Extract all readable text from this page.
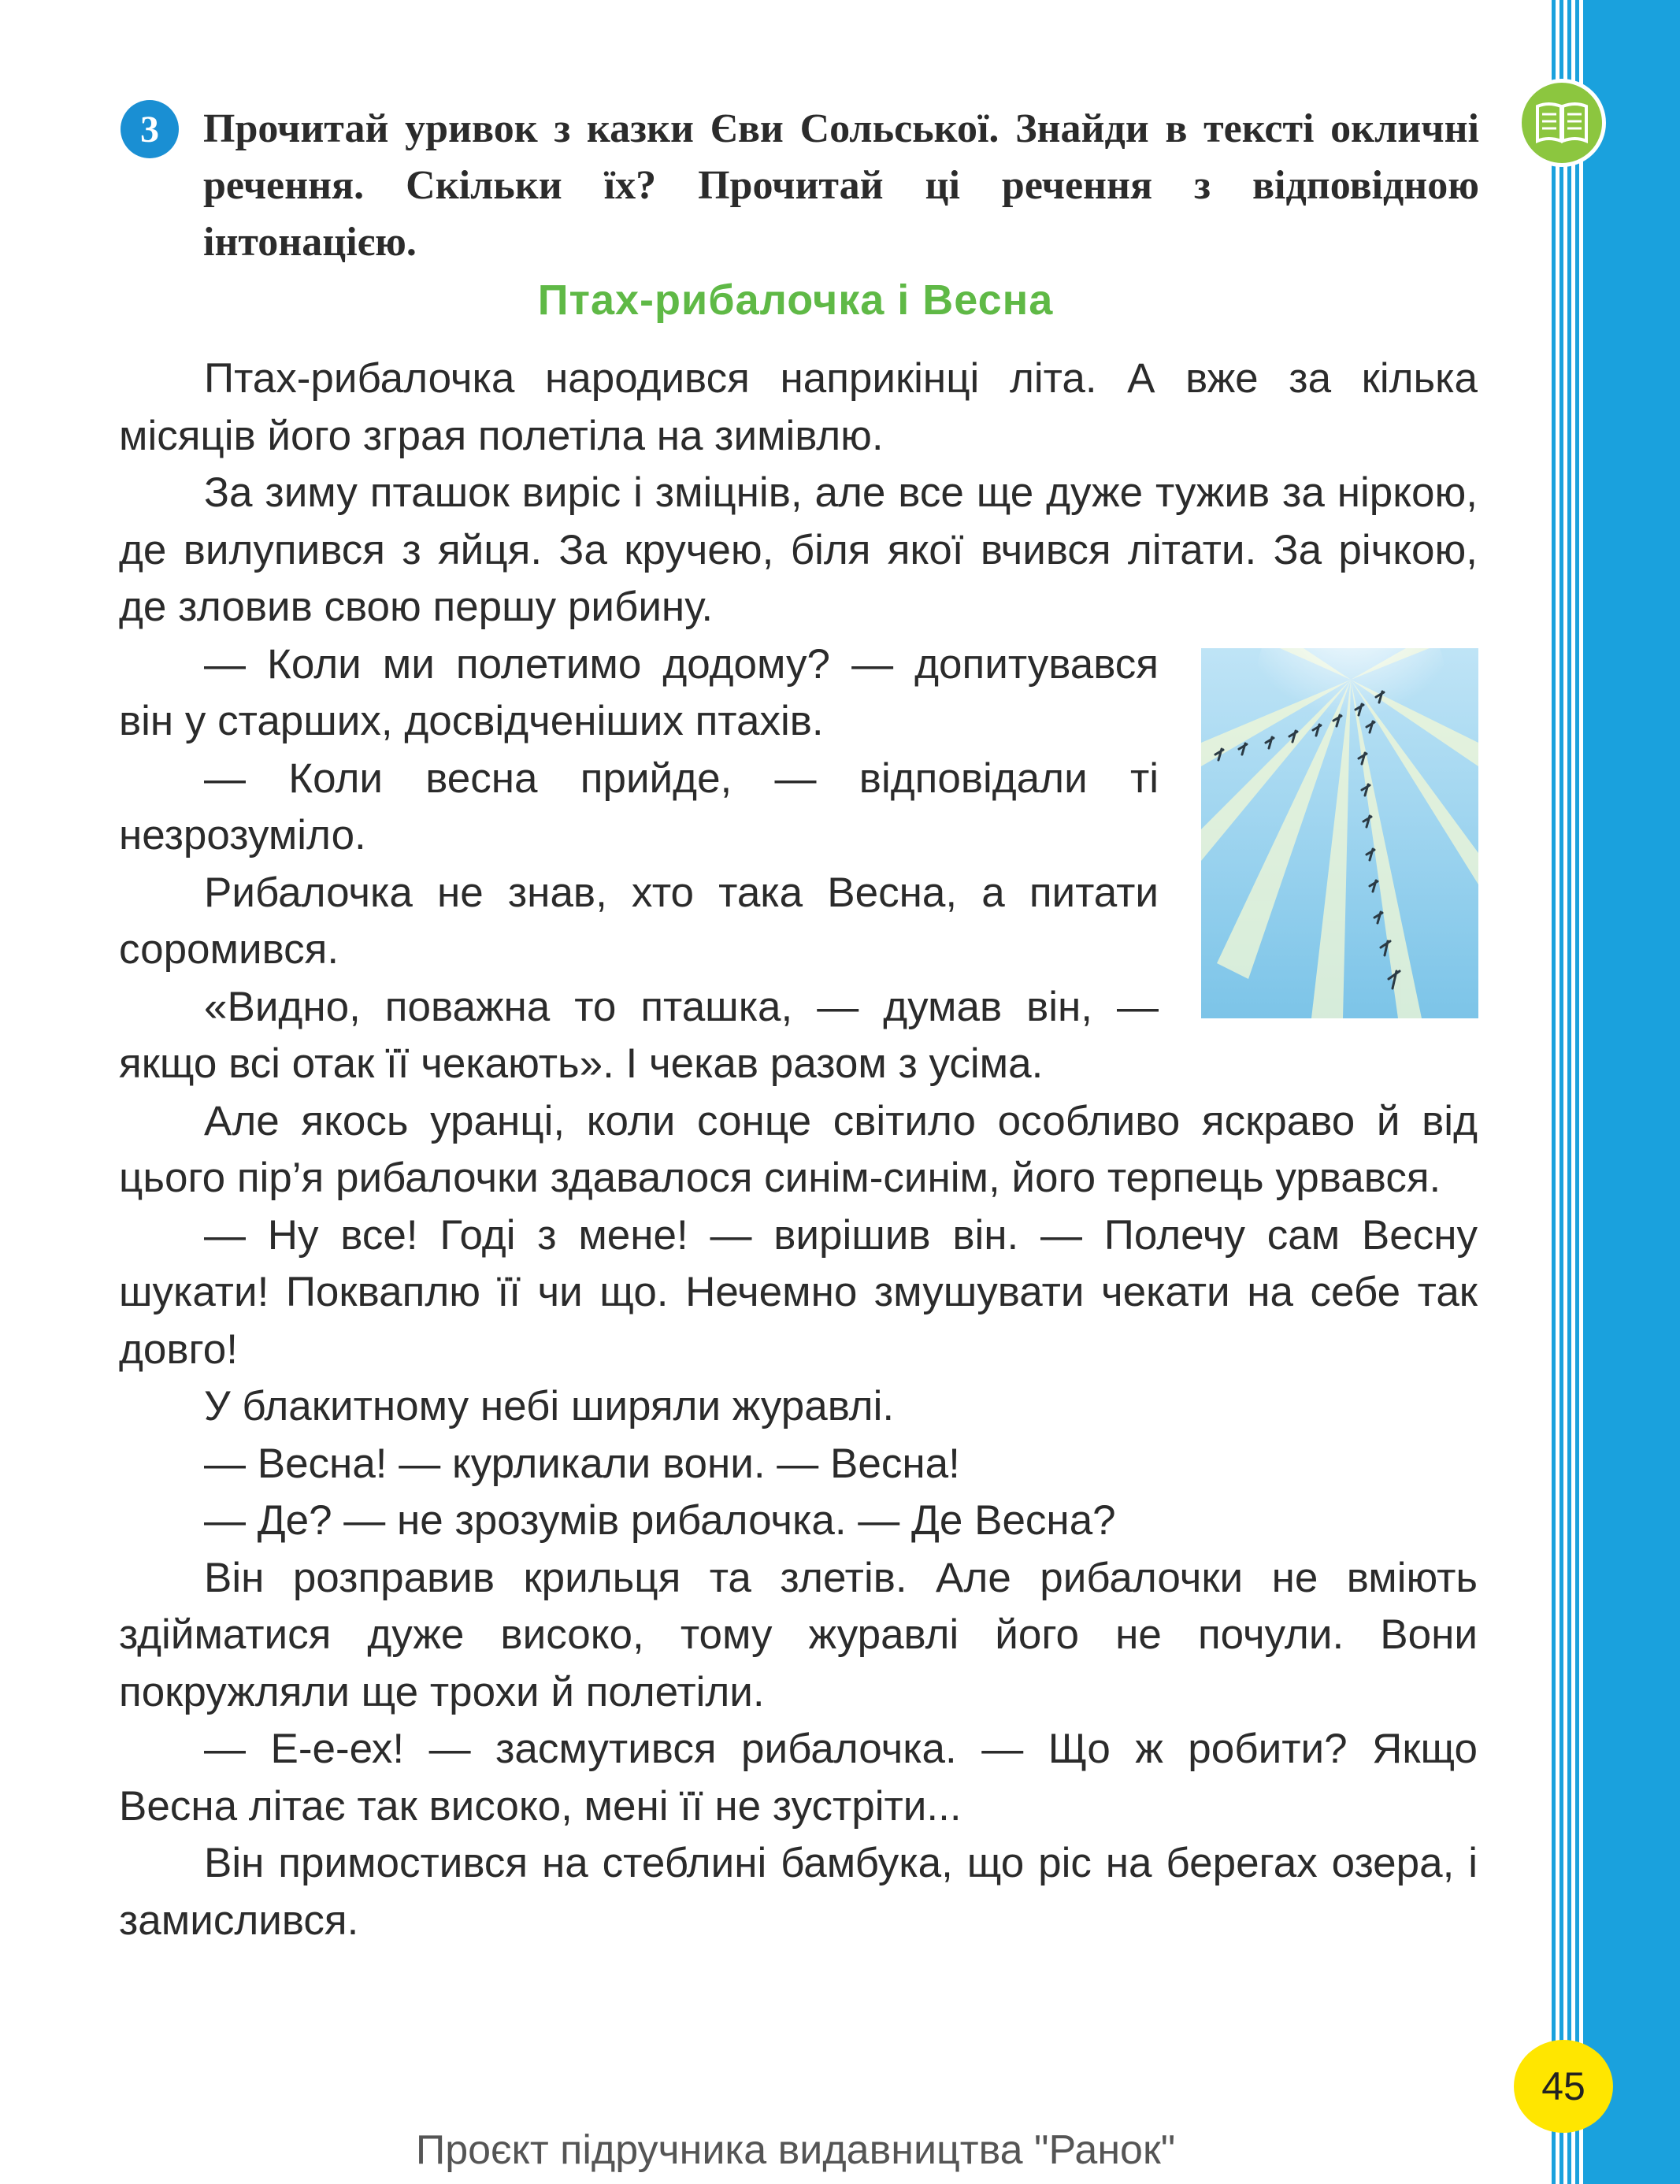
45
3	Прочитай уривок з казки Єви Сольської. Знайди в тексті окличні речення. Скільки їх? Прочитай ці речення з відповідною інтонацією.
Птах-рибалочка і Весна

Птах-рибалочка народився наприкінці літа. А вже за кілька місяців його зграя полетіла на зимівлю.

За зиму пташок виріс і зміцнів, але все ще дуже тужив за ніркою, де вилупився з яйця. За кручею, біля якої вчився літати. За річкою, де зловив свою першу рибину.

— Коли ми полетимо додому? — допитувався він у старших, досвідченіших птахів.

— Коли весна прийде, — відповідали ті незрозуміло.

Рибалочка не знав, хто така Весна, а питати соромився.

«Видно, поважна то пташка, — думав він, — якщо всі отак її чекають». І чекав разом з усіма.

Але якось уранці, коли сонце світило особливо яскраво й від цього пір’я рибалочки здавалося синім-синім, його терпець урвався.

— Ну все! Годі з мене! — вирішив він. — Полечу сам Весну шукати! Покваплю її чи що. Нечемно змушувати чекати на себе так довго!

У блакитному небі ширяли журавлі.

— Весна! — курликали вони. — Весна!

— Де? — не зрозумів рибалочка. — Де Весна?

Він розправив крильця та злетів. Але рибалочки не вміють здійматися дуже високо, тому журавлі його не почули. Вони покружляли ще трохи й полетіли.

— Е-е-ех! — засмутився рибалочка. — Що ж робити? Якщо Весна літає так високо, мені її не зустріти...

Він примостився на стеблині бамбука, що ріс на берегах озера, і замислився.

Проєкт підручника видавництва "Ранок"
